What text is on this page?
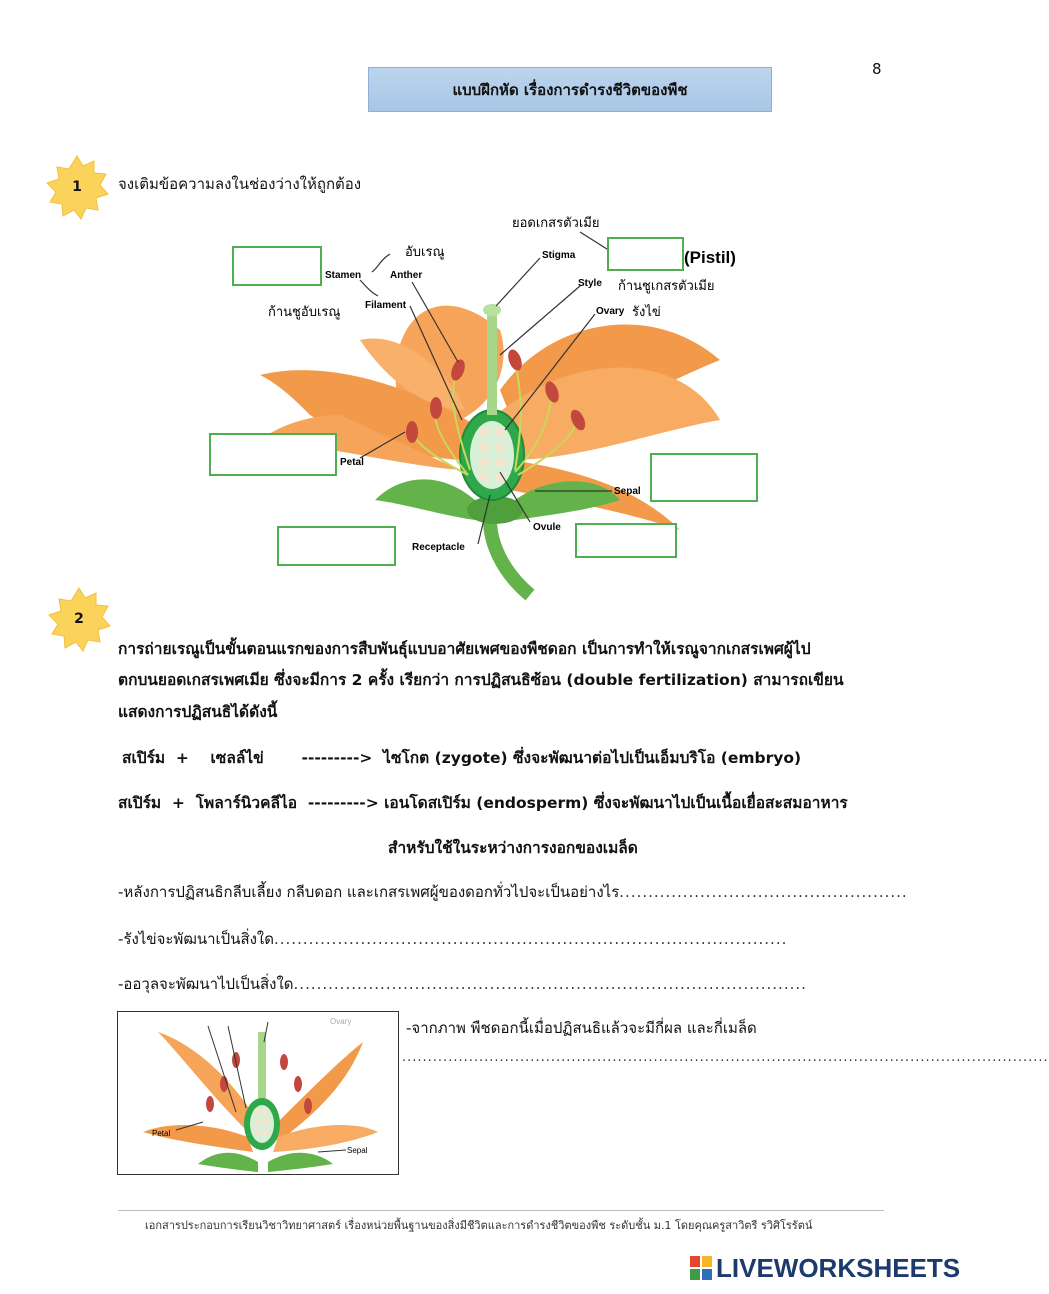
8
แบบฝึกหัด เรื่องการดำรงชีวิตของพืช
1	จงเติมข้อความลงในช่องว่างให้ถูกต้อง
ยอดเกสรตัวเมีย
Stigma	(Pistil)
Style ก้านชูเกสรตัวเมีย
Ovary รังไข่
อับเรณู
Anther
Stamen
Filament
ก้านชูอับเรณู
Petal
Sepal
Ovule
Receptacle
2
การถ่ายเรณูเป็นขั้นตอนแรกของการสืบพันธุ์แบบอาศัยเพศของพืชดอก เป็นการทำให้เรณูจากเกสรเพศผู้ไป
ตกบนยอดเกสรเพศเมีย ซึ่งจะมีการ 2 ครั้ง เรียกว่า การปฏิสนธิซ้อน (double fertilization) สามารถเขียน
แสดงการปฏิสนธิได้ดังนี้
สเปิร์ม  +    เซลล์ไข่       --------->  ไซโกต (zygote) ซึ่งจะพัฒนาต่อไปเป็นเอ็มบริโอ (embryo)
สเปิร์ม  +  โพลาร์นิวคลีไอ  ---------> เอนโดสเปิร์ม (endosperm) ซึ่งจะพัฒนาไปเป็นเนื้อเยื่อสะสมอาหาร
สำหรับใช้ในระหว่างการงอกของเมล็ด
-หลังการปฏิสนธิกลีบเลี้ยง กลีบดอก และเกสรเพศผู้ของดอกทั่วไปจะเป็นอย่างไร..................................................
-รังไข่จะพัฒนาเป็นสิ่งใด.........................................................................................
-ออวุลจะพัฒนาไปเป็นสิ่งใด.........................................................................................
Petal
Sepal
Ovary	-จากภาพ พืชดอกนี้เมื่อปฏิสนธิแล้วจะมีกี่ผล และกี่เมล็ด
..............................................................................................................................
เอกสารประกอบการเรียนวิชาวิทยาศาสตร์ เรื่องหน่วยพื้นฐานของสิ่งมีชีวิตและการดำรงชีวิตของพืช ระดับชั้น ม.1 โดยคุณครูสาวิตรี รวิศิโรรัตน์
LIVEWORKSHEETS
